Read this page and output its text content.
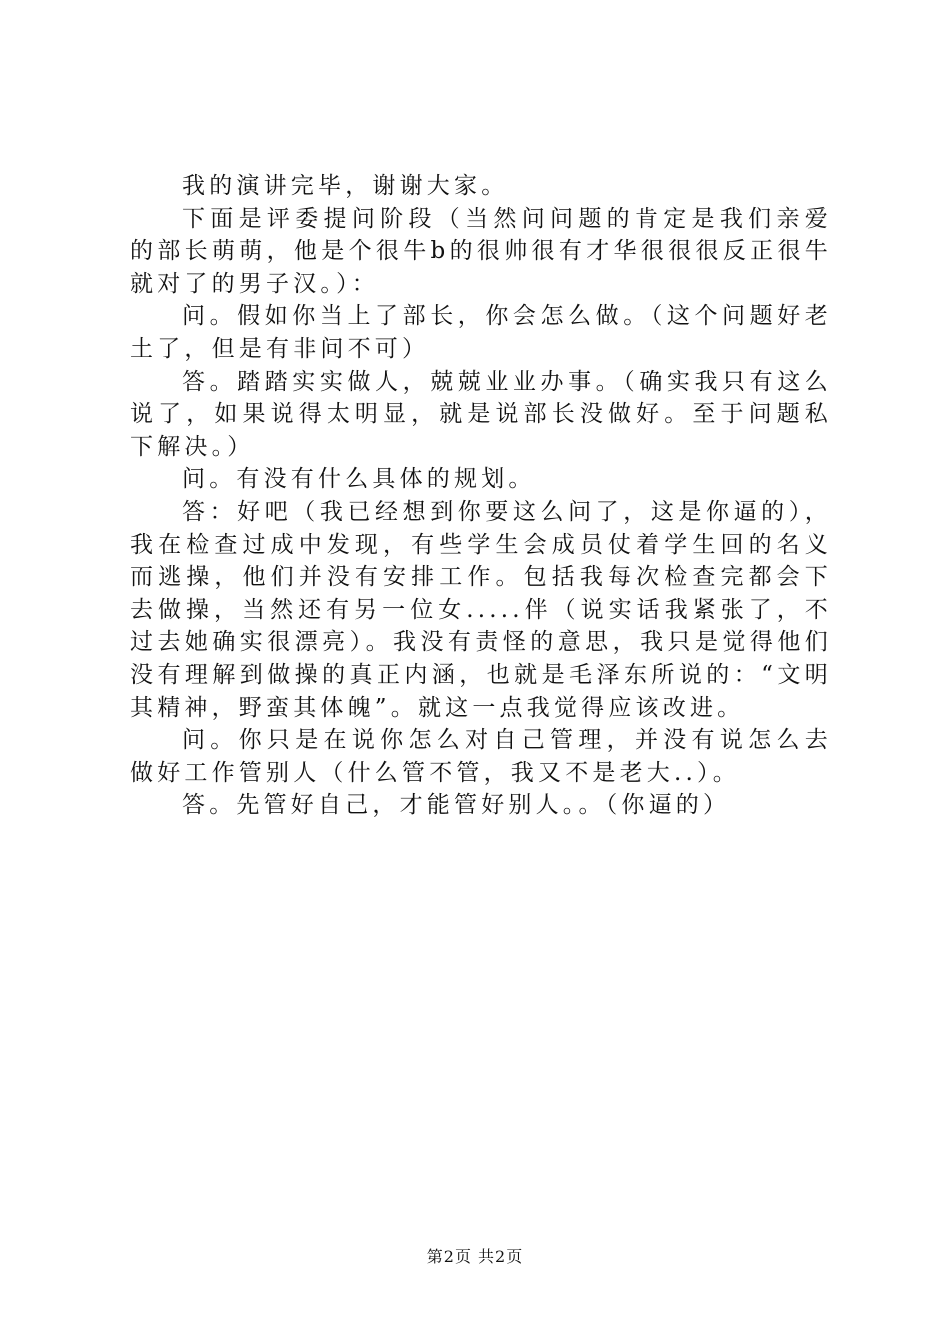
我的演讲完毕，谢谢大家。

下面是评委提问阶段（当然问问题的肯定是我们亲爱的部长萌萌，他是个很牛b的很帅很有才华很很很反正很牛就对了的男子汉。）：

问。假如你当上了部长，你会怎么做。（这个问题好老土了，但是有非问不可）

答。踏踏实实做人，兢兢业业办事。（确实我只有这么说了，如果说得太明显，就是说部长没做好。至于问题私下解决。）

问。有没有什么具体的规划。

答：好吧（我已经想到你要这么问了，这是你逼的），我在检查过成中发现，有些学生会成员仗着学生回的名义而逃操，他们并没有安排工作。包括我每次检查完都会下去做操，当然还有另一位女.....伴（说实话我紧张了，不过去她确实很漂亮）。我没有责怪的意思，我只是觉得他们没有理解到做操的真正内涵，也就是毛泽东所说的：“文明其精神，野蛮其体魄”。就这一点我觉得应该改进。

问。你只是在说你怎么对自己管理，并没有说怎么去做好工作管别人（什么管不管，我又不是老大..）。

答。先管好自己，才能管好别人。。（你逼的）

第2页 共2页
